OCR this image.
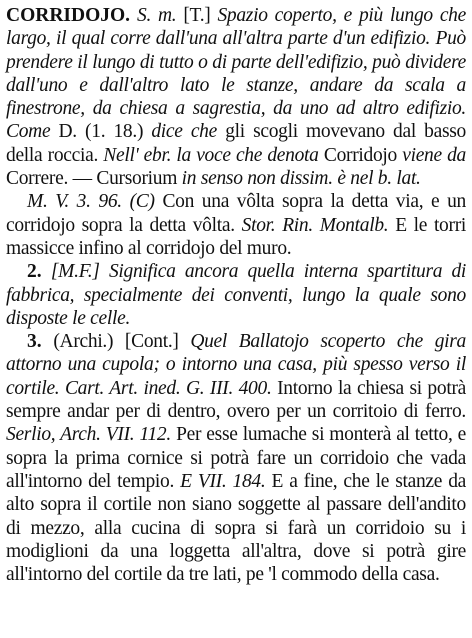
CORRIDOJO. S. m. [T.] Spazio coperto, e più lungo che largo, il qual corre dall'una all'altra parte d'un edifizio. Può prendere il lungo di tutto o di parte dell'edifizio, può dividere dall'uno e dall'altro lato le stanze, andare da scala a finestrone, da chiesa a sagrestia, da uno ad altro edifizio. Come D. (1. 18.) dice che gli scogli movevano dal basso della roccia. Nell' ebr. la voce che denota Corridojo viene da Correre. — Cursorium in senso non dissim. è nel b. lat.

M. V. 3. 96. (C) Con una vôlta sopra la detta via, e un corridojo sopra la detta vôlta. Stor. Rin. Montalb. E le torri massicce infino al corridojo del muro.

2. [M.F.] Significa ancora quella interna spartitura di fabbrica, specialmente dei conventi, lungo la quale sono disposte le celle.

3. (Archi.) [Cont.] Quel Ballatojo scoperto che gira attorno una cupola; o intorno una casa, più spesso verso il cortile. Cart. Art. ined. G. III. 400. Intorno la chiesa si potrà sempre andar per di dentro, overo per un corritoio di ferro. Serlio, Arch. VII. 112. Per esse lumache si monterà al tetto, e sopra la prima cornice si potrà fare un corridoio che vada all'intorno del tempio. E VII. 184. E a fine, che le stanze da alto sopra il cortile non siano soggette al passare dell'andito di mezzo, alla cucina di sopra si farà un corridoio su i modiglioni da una loggetta all'altra, dove si potrà gire all'intorno del cortile da tre lati, pe 'l commodo della casa.
